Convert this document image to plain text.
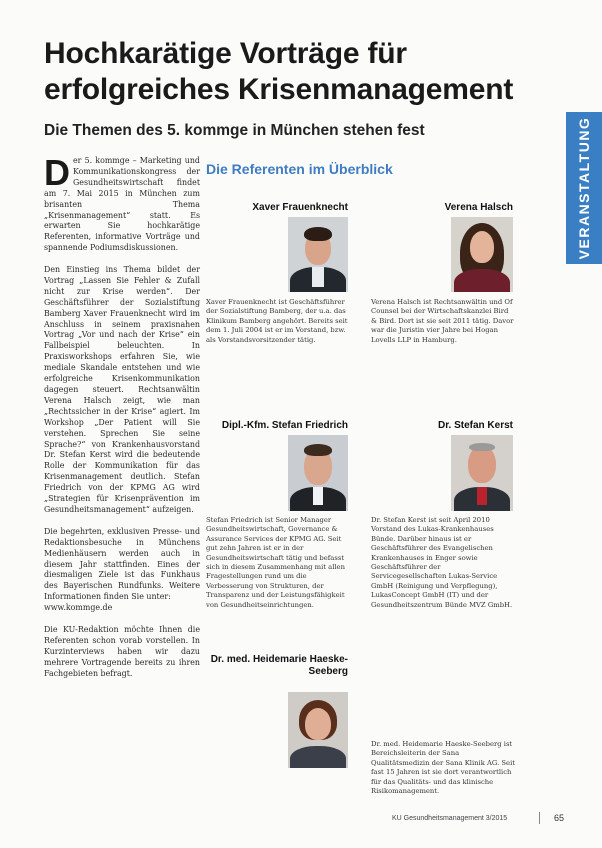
Hochkarätige Vorträge für erfolgreiches Krisenmanagement
Die Themen des 5. kommge in München stehen fest	VERANSTALTUNG

Der 5. kommge – Marketing und Kommunikationskongress der Gesundheitswirtschaft findet am 7. Mai 2015 in München zum brisanten Thema „Krisenmanagement“ statt. Es erwarten Sie hochkarätige Referenten, informative Vorträge und spannende Podiumsdiskussionen.

Den Einstieg ins Thema bildet der Vortrag „Lassen Sie Fehler & Zufall nicht zur Krise werden“. Der Geschäftsführer der Sozialstiftung Bamberg Xaver Frauenknecht wird im Anschluss in seinem praxisnahen Vortrag „Vor und nach der Krise“ ein Fallbeispiel beleuchten. In Praxisworkshops erfahren Sie, wie mediale Skandale entstehen und wie erfolgreiche Krisenkommunikation dagegen steuert. Rechtsanwältin Verena Halsch zeigt, wie man „Rechtssicher in der Krise“ agiert. Im Workshop „Der Patient will Sie verstehen. Sprechen Sie seine Sprache?“ von Krankenhausvorstand Dr. Stefan Kerst wird die bedeutende Rolle der Kommunikation für das Krisenmanagement deutlich. Stefan Friedrich von der KPMG AG wird „Strategien für Krisenprävention im Gesundheitsmanagement“ aufzeigen.

Die begehrten, exklusiven Presse- und Redaktionsbesuche in Münchens Medienhäusern werden auch in diesem Jahr stattfinden. Eines der diesmaligen Ziele ist das Funkhaus des Bayerischen Rundfunks. Weitere Informationen finden Sie unter:

www.kommge.de

Die KU-Redaktion möchte Ihnen die Referenten schon vorab vorstellen. In Kurzinterviews haben wir dazu mehrere Vortragende bereits zu ihren Fachgebieten befragt.

Die Referenten im Überblick
Xaver Frauenknecht
Xaver Frauenknecht ist Geschäftsführer der Sozialstiftung Bamberg, der u.a. das Klinikum Bamberg angehört. Bereits seit dem 1. Juli 2004 ist er im Vorstand, bzw. als Vorstandsvorsitzender tätig.
Verena Halsch
Verena Halsch ist Rechtsanwältin und Of Counsel bei der Wirtschaftskanzlei Bird & Bird. Dort ist sie seit 2011 tätig. Davor war die Juristin vier Jahre bei Hogan Lovells LLP in Hamburg.
Dipl.-Kfm. Stefan Friedrich
Stefan Friedrich ist Senior Manager Gesundheitswirtschaft, Governance & Assurance Services der KPMG AG. Seit gut zehn Jahren ist er in der Gesundheitswirtschaft tätig und befasst sich in diesem Zusammenhang mit allen Fragestellungen rund um die Verbesserung von Strukturen, der Transparenz und der Leistungsfähigkeit von Gesundheitseinrichtungen.
Dr. Stefan Kerst
Dr. Stefan Kerst ist seit April 2010 Vorstand des Lukas-Krankenhauses Bünde. Darüber hinaus ist er Geschäftsführer des Evangelischen Krankenhauses in Enger sowie Geschäftsführer der Servicegesellschaften Lukas-Service GmbH (Reinigung und Verpflegung), LukasConcept GmbH (IT) und der Gesundheitszentrum Bünde MVZ GmbH.
Dr. med. Heidemarie Haeske-Seeberg
Dr. med. Heidemarie Haeske-Seeberg ist Bereichsleiterin der Sana Qualitätsmedizin der Sana Klinik AG. Seit fast 15 Jahren ist sie dort verantwortlich für das Qualitäts- und das klinische Risikomanagement.
KU Gesundheitsmanagement 3/2015	65
